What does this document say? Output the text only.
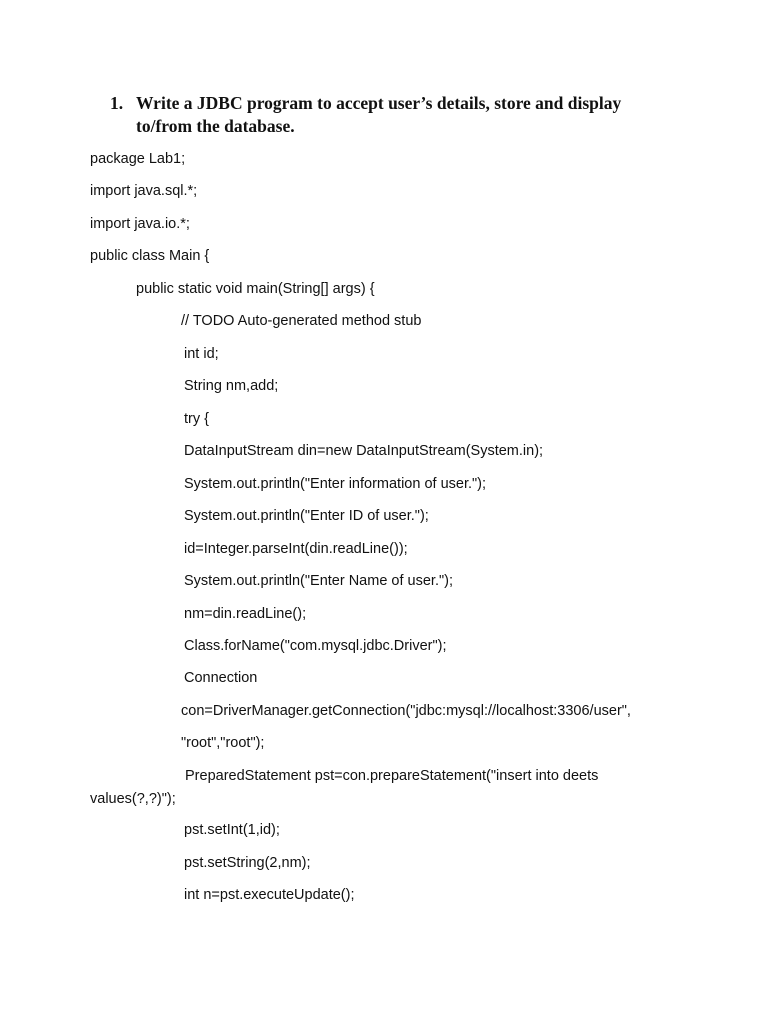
1. Write a JDBC program to accept user’s details, store and display to/from the database.
package Lab1;
import java.sql.*;
import java.io.*;
public class Main {
public static void main(String[] args) {
// TODO Auto-generated method stub
int id;
String nm,add;
try {
DataInputStream din=new DataInputStream(System.in);
System.out.println("Enter information of user.");
System.out.println("Enter ID of user.");
id=Integer.parseInt(din.readLine());
System.out.println("Enter Name of user.");
nm=din.readLine();
Class.forName("com.mysql.jdbc.Driver");
Connection
con=DriverManager.getConnection("jdbc:mysql://localhost:3306/user",
"root","root");
PreparedStatement pst=con.prepareStatement("insert into deets values(?,?)");
pst.setInt(1,id);
pst.setString(2,nm);
int n=pst.executeUpdate();
